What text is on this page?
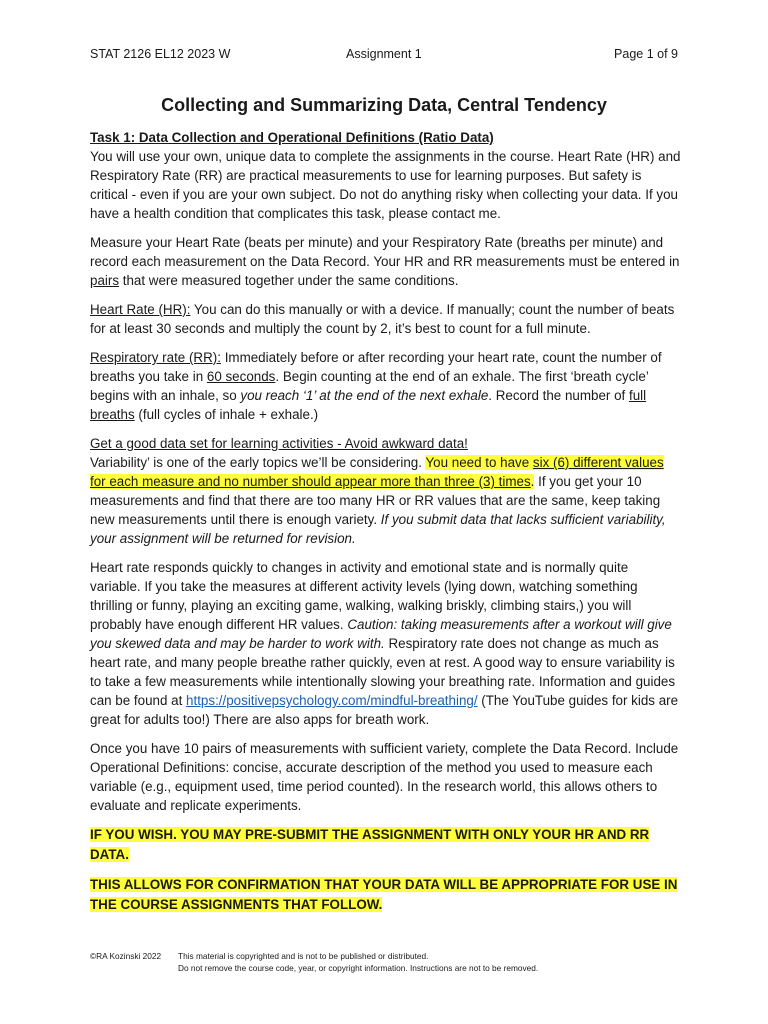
STAT 2126 EL12 2023 W	Assignment 1	Page 1 of 9
Collecting and Summarizing Data, Central Tendency

Task 1: Data Collection and Operational Definitions (Ratio Data)
You will use your own, unique data to complete the assignments in the course. Heart Rate (HR) and Respiratory Rate (RR) are practical measurements to use for learning purposes. But safety is critical - even if you are your own subject. Do not do anything risky when collecting your data. If you have a health condition that complicates this task, please contact me.

Measure your Heart Rate (beats per minute) and your Respiratory Rate (breaths per minute) and record each measurement on the Data Record. Your HR and RR measurements must be entered in pairs that were measured together under the same conditions.

Heart Rate (HR): You can do this manually or with a device. If manually; count the number of beats for at least 30 seconds and multiply the count by 2, it’s best to count for a full minute.

Respiratory rate (RR): Immediately before or after recording your heart rate, count the number of breaths you take in 60 seconds. Begin counting at the end of an exhale. The first ‘breath cycle’ begins with an inhale, so you reach ‘1’ at the end of the next exhale. Record the number of full breaths (full cycles of inhale + exhale.)

Get a good data set for learning activities - Avoid awkward data!
Variability’ is one of the early topics we’ll be considering. You need to have six (6) different values for each measure and no number should appear more than three (3) times. If you get your 10 measurements and find that there are too many HR or RR values that are the same, keep taking new measurements until there is enough variety. If you submit data that lacks sufficient variability, your assignment will be returned for revision.

Heart rate responds quickly to changes in activity and emotional state and is normally quite variable. If you take the measures at different activity levels (lying down, watching something thrilling or funny, playing an exciting game, walking, walking briskly, climbing stairs,) you will probably have enough different HR values. Caution: taking measurements after a workout will give you skewed data and may be harder to work with. Respiratory rate does not change as much as heart rate, and many people breathe rather quickly, even at rest. A good way to ensure variability is to take a few measurements while intentionally slowing your breathing rate. Information and guides can be found at https://positivepsychology.com/mindful-breathing/ (The YouTube guides for kids are great for adults too!) There are also apps for breath work.

Once you have 10 pairs of measurements with sufficient variety, complete the Data Record. Include Operational Definitions: concise, accurate description of the method you used to measure each variable (e.g., equipment used, time period counted). In the research world, this allows others to evaluate and replicate experiments.

IF YOU WISH. YOU MAY PRE-SUBMIT THE ASSIGNMENT WITH ONLY YOUR HR AND RR DATA.

THIS ALLOWS FOR CONFIRMATION THAT YOUR DATA WILL BE APPROPRIATE FOR USE IN THE COURSE ASSIGNMENTS THAT FOLLOW.

©RA Kozinski 2022 This material is copyrighted and is not to be published or distributed.
Do not remove the course code, year, or copyright information. Instructions are not to be removed.
